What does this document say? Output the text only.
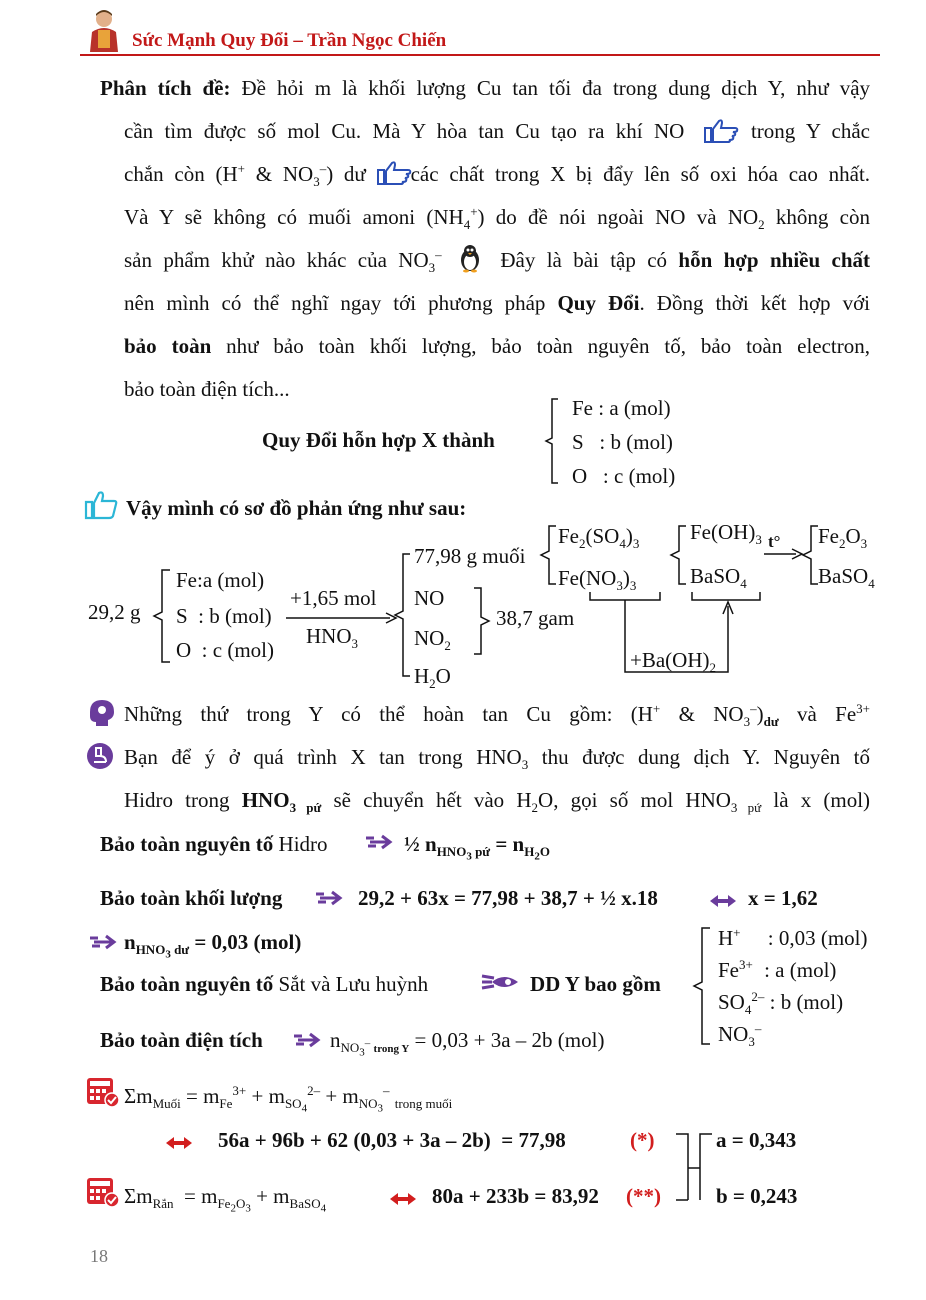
Sức Mạnh Quy Đổi – Trần Ngọc Chiến
Phân tích đề: Đề hỏi m là khối lượng Cu tan tối đa trong dung dịch Y, như vậy
cần tìm được số mol Cu. Mà Y hòa tan Cu tạo ra khí NO	trong Y chắc
chắn còn (H+ & $NO_3^-$) dư các chất trong X bị đẩy lên số oxi hóa cao nhất.
Và Y sẽ không có muối amoni $(NH_4^+)$ do đề nói ngoài NO và $NO_2$ không còn
sản phẩm khử nào khác của $NO_3^-$	Đây là bài tập có hỗn hợp nhiều chất
nên mình có thể nghĩ ngay tới phương pháp Quy Đổi. Đồng thời kết hợp với
bảo toàn như bảo toàn khối lượng, bảo toàn nguyên tố, bảo toàn electron,
bảo toàn điện tích...
Quy Đổi hỗn hợp X thành
Fe : a (mol)
S   : b (mol)
O   : c (mol)
Vậy mình có sơ đồ phản ứng như sau:
29,2 g
Fe:a (mol)
S  : b (mol)
O  : c (mol)
+1,65 mol
$HNO_3$
77,98 g muối
NO
$NO_2$
$H_2O$
38,7 gam
$Fe_2(SO_4)_3$
$Fe(NO_3)_3$
$Fe(OH)_3$
BaSO$_4$
t° $Fe_2O_3$
BaSO$_4$
$+Ba(OH)_2$
Những thứ trong Y có thể hoàn tan Cu gồm: (H+ & $NO_3^-)_{dư}$ và $Fe^{3+}$
Bạn để ý ở quá trình X tan trong $HNO_3$ thu được dung dịch Y. Nguyên tố
Hidro trong $HNO_{3 pứ}$ sẽ chuyển hết vào $H_2O$, gọi số mol $HNO_{3 pứ}$ là x (mol)
Bảo toàn nguyên tố Hidro	½ $n_{HNO_3 pứ} = n_{H_2O}$
Bảo toàn khối lượng	29,2 + 63x = 77,98 + 38,7 + ½ x.18	x = 1,62
$n_{HNO_3 dư} = 0,03$ (mol)
Bảo toàn nguyên tố Sắt và Lưu huỳnh	DD Y bao gồm
H+ : 0,03 (mol)
$Fe^{3+}$ : a (mol)
$SO_4^{2-}$ : b (mol)
$NO_3^-$
Bảo toàn điện tích	$n_{NO_3^- trong Y} = 0,03 + 3a - 2b$ (mol)
$\Sigma m_{Muối} = m_{Fe}^{3+} + m_{SO_4}^{2-} + m_{NO_3}^-$ $_{trong muối}$
56a + 96b + 62 (0,03 + 3a – 2b)  = 77,98	(*)	a = 0,343
b = 0,243
$\Sigma m_{Rắn} = m_{Fe_2O_3} + m_{BaSO_4}$
80a + 233b = 83,92 (**)
18
